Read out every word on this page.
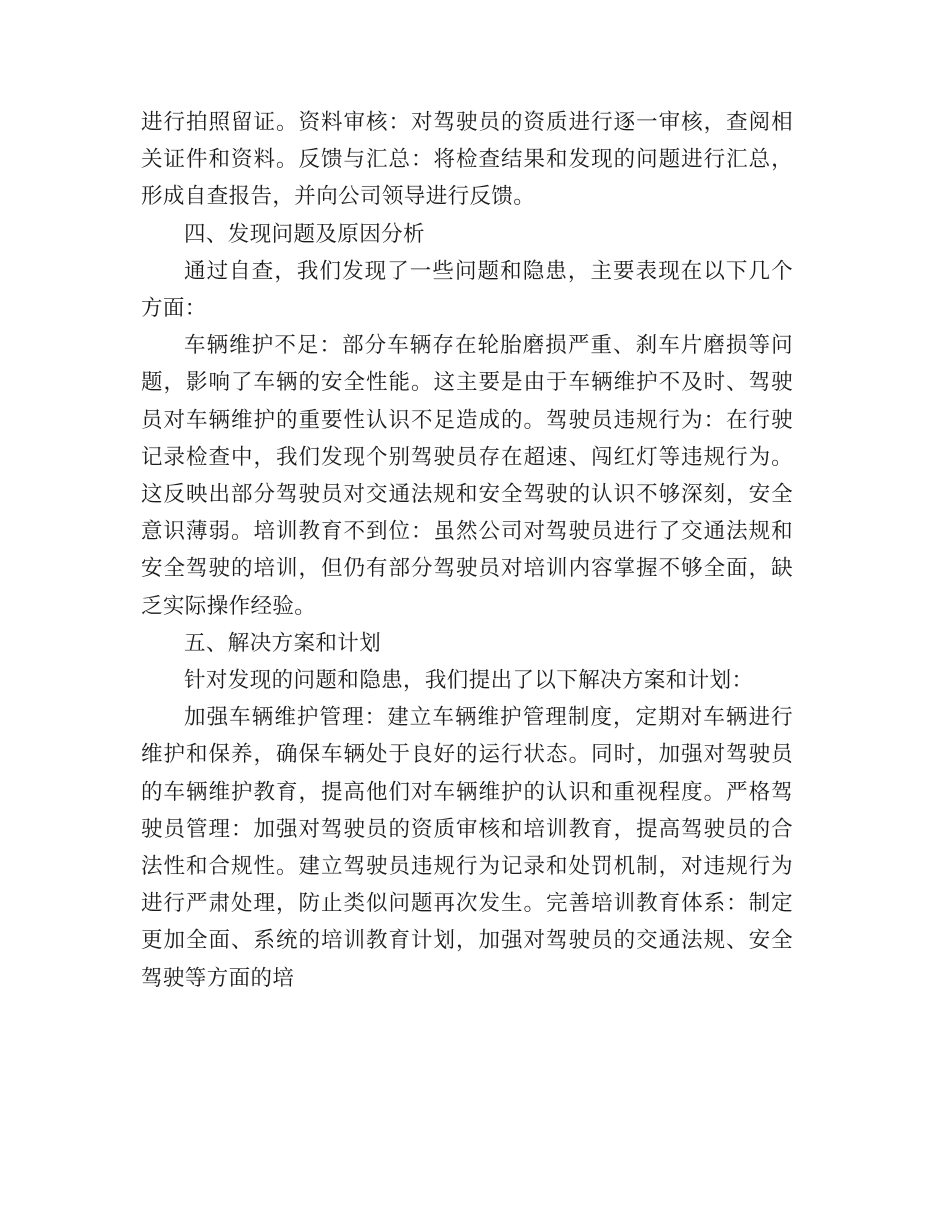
进行拍照留证。资料审核：对驾驶员的资质进行逐一审核，查阅相关证件和资料。反馈与汇总：将检查结果和发现的问题进行汇总，形成自查报告，并向公司领导进行反馈。

四、发现问题及原因分析

通过自查，我们发现了一些问题和隐患，主要表现在以下几个方面：

车辆维护不足：部分车辆存在轮胎磨损严重、刹车片磨损等问题，影响了车辆的安全性能。这主要是由于车辆维护不及时、驾驶员对车辆维护的重要性认识不足造成的。驾驶员违规行为：在行驶记录检查中，我们发现个别驾驶员存在超速、闯红灯等违规行为。这反映出部分驾驶员对交通法规和安全驾驶的认识不够深刻，安全意识薄弱。培训教育不到位：虽然公司对驾驶员进行了交通法规和安全驾驶的培训，但仍有部分驾驶员对培训内容掌握不够全面，缺乏实际操作经验。

五、解决方案和计划

针对发现的问题和隐患，我们提出了以下解决方案和计划：

加强车辆维护管理：建立车辆维护管理制度，定期对车辆进行维护和保养，确保车辆处于良好的运行状态。同时，加强对驾驶员的车辆维护教育，提高他们对车辆维护的认识和重视程度。严格驾驶员管理：加强对驾驶员的资质审核和培训教育，提高驾驶员的合法性和合规性。建立驾驶员违规行为记录和处罚机制，对违规行为进行严肃处理，防止类似问题再次发生。完善培训教育体系：制定更加全面、系统的培训教育计划，加强对驾驶员的交通法规、安全驾驶等方面的培
